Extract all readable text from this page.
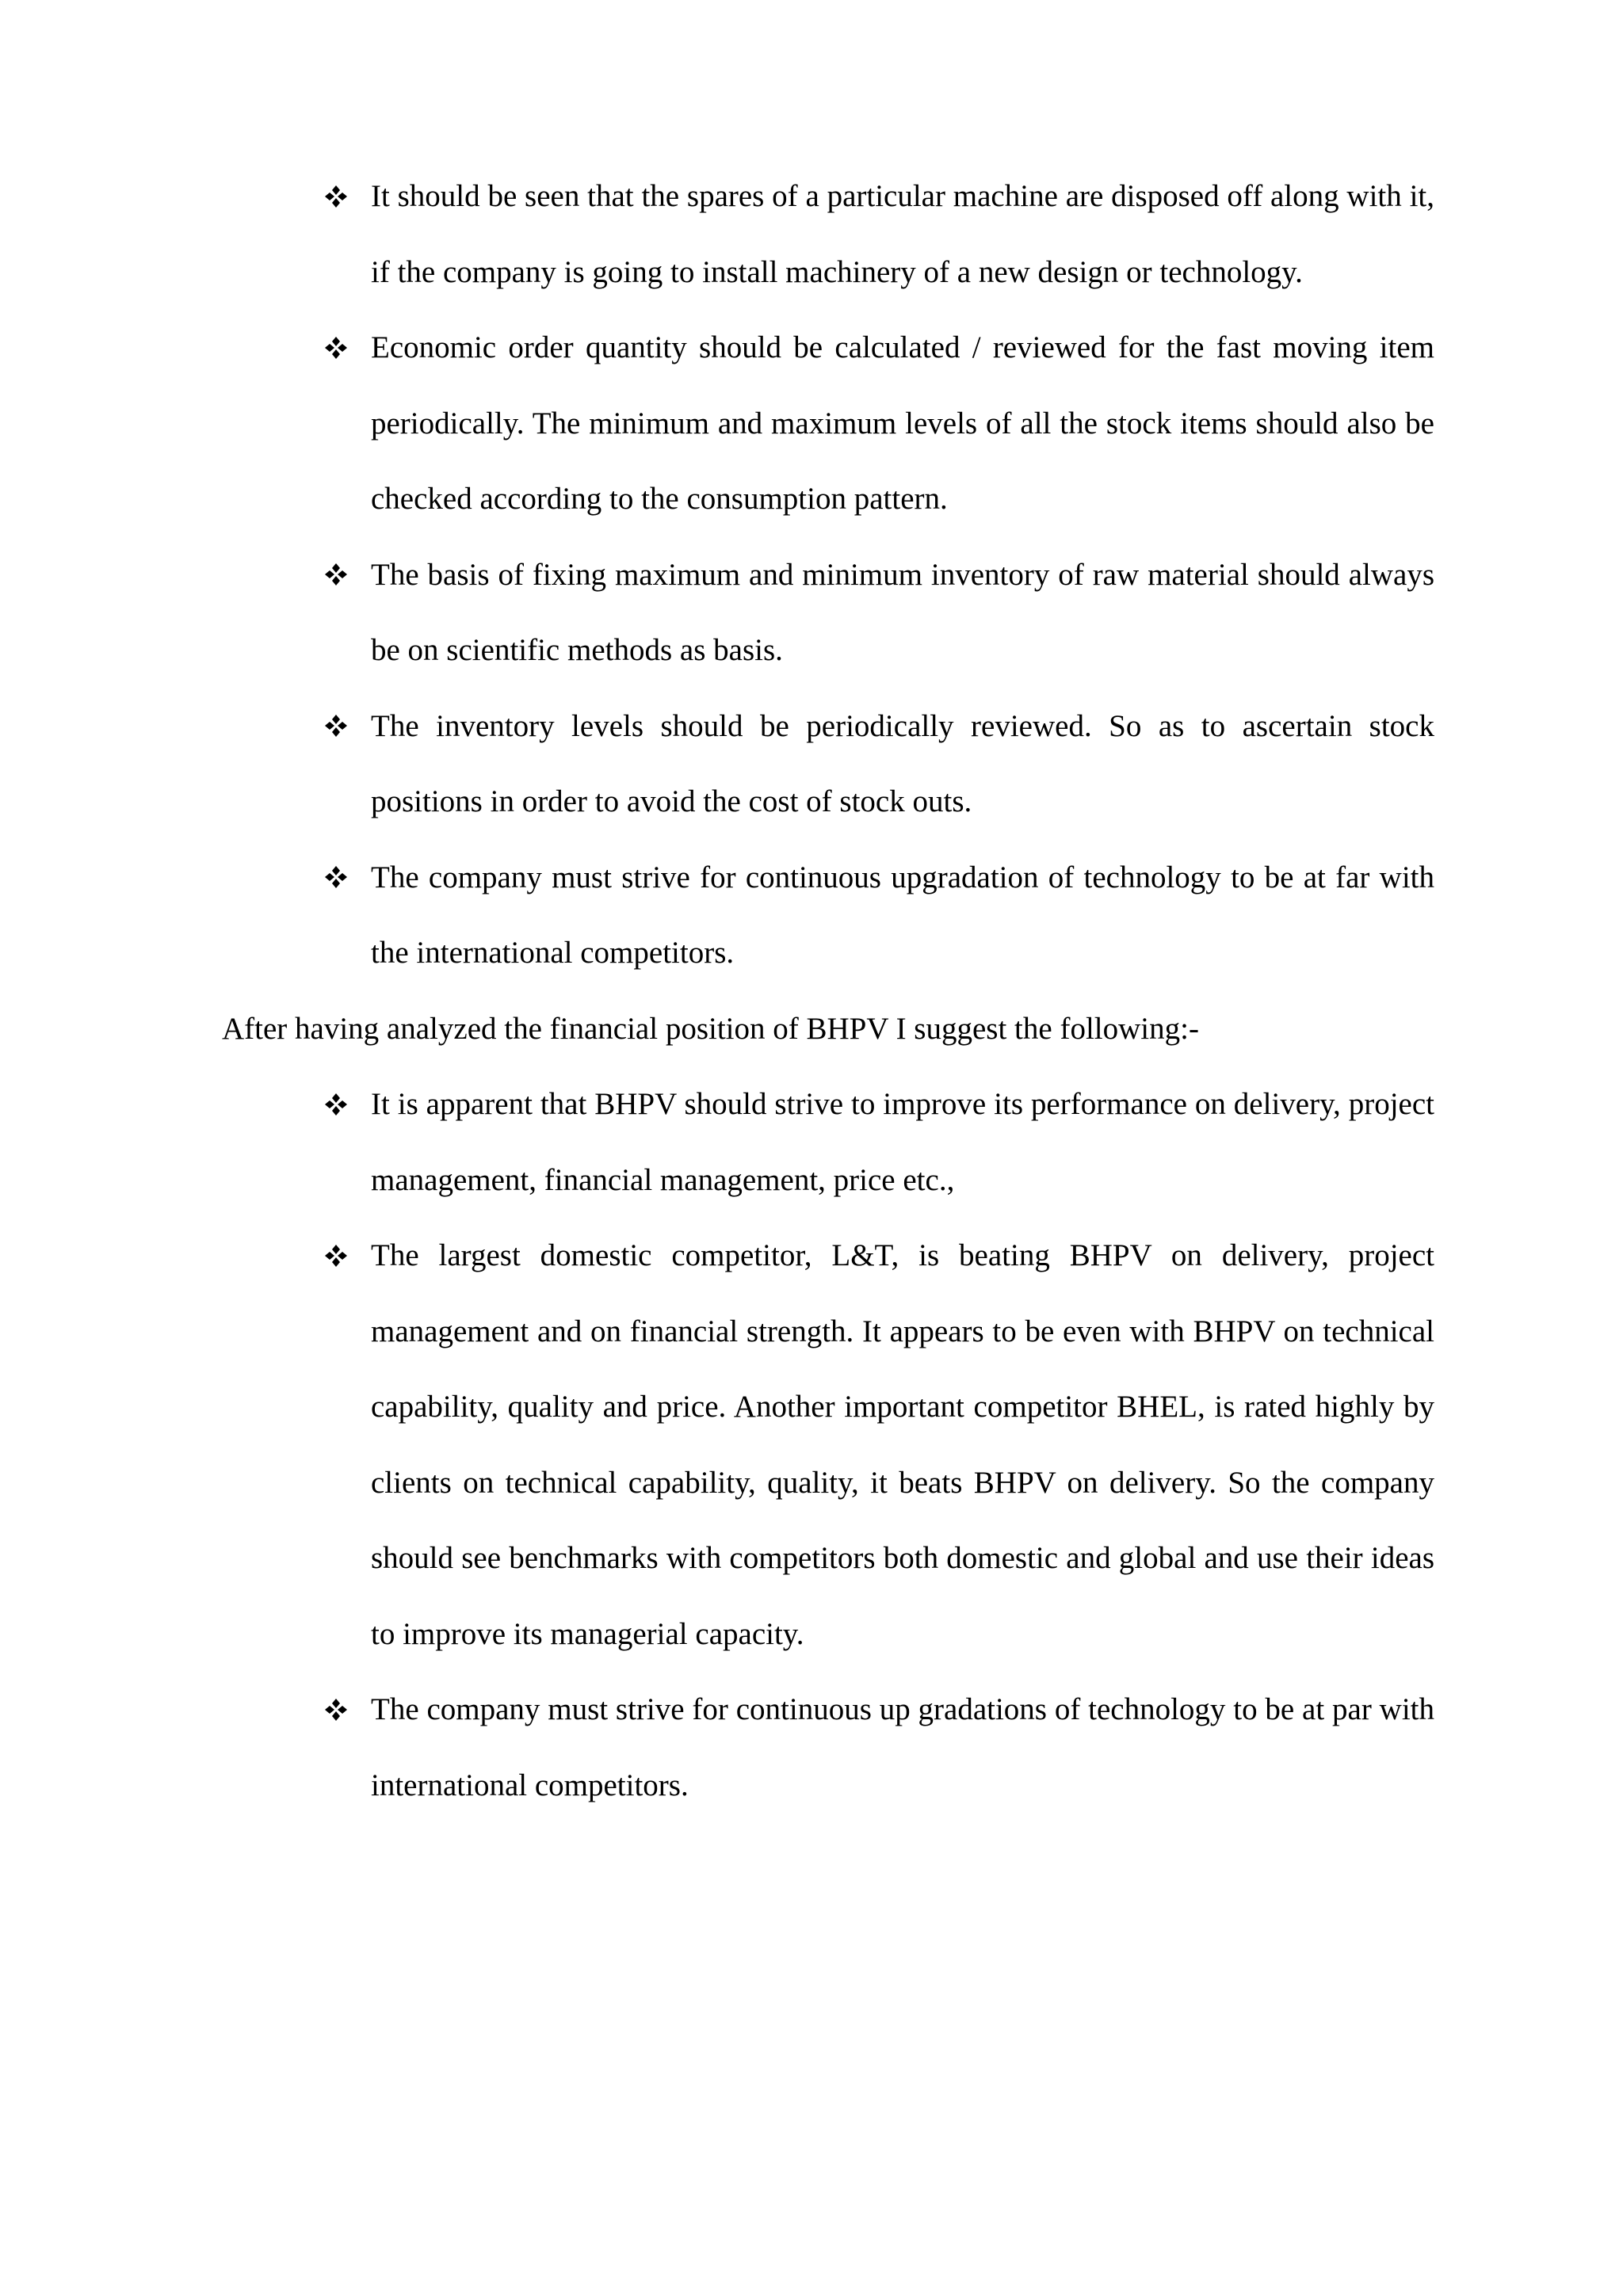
It should be seen that the spares of a particular machine are disposed off along with it, if the company is going to install machinery of a new design or technology.
Economic order quantity should be calculated / reviewed for the fast moving item periodically. The minimum and maximum levels of all the stock items should also be checked according to the consumption pattern.
The basis of fixing maximum and minimum inventory of raw material should always be on scientific methods as basis.
The inventory levels should be periodically reviewed. So as to ascertain stock positions in order to avoid the cost of stock outs.
The company must strive for continuous upgradation of technology to be at far with the international competitors.

After having analyzed the financial position of BHPV I suggest the following:-

It is apparent that BHPV should strive to improve its performance on delivery, project management, financial management, price etc.,
The largest domestic competitor, L&T, is beating BHPV on delivery, project management and on financial strength. It appears to be even with BHPV on technical capability, quality and price. Another important competitor BHEL, is rated highly by clients on technical capability, quality, it beats BHPV on delivery. So the company should see benchmarks with competitors both domestic and global and use their ideas to improve its managerial capacity.
The company must strive for continuous up gradations of technology to be at par with international competitors.
